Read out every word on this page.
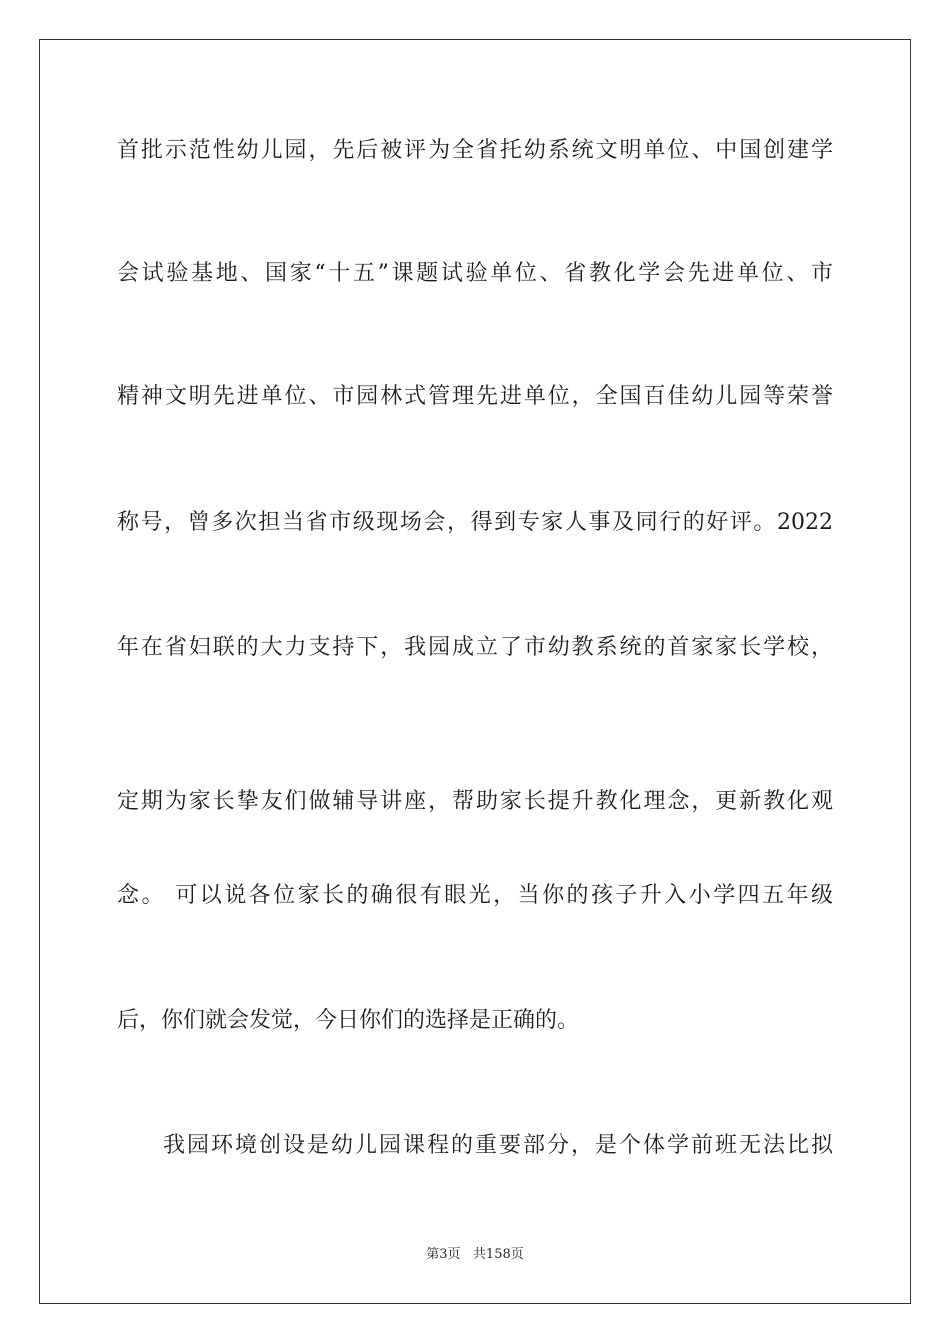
首批示范性幼儿园，先后被评为全省托幼系统文明单位、中国创建学
会试验基地、国家“十五”课题试验单位、省教化学会先进单位、市
精神文明先进单位、市园林式管理先进单位，全国百佳幼儿园等荣誉
称号，曾多次担当省市级现场会，得到专家人事及同行的好评。2022
年在省妇联的大力支持下，我园成立了市幼教系统的首家家长学校，
定期为家长挚友们做辅导讲座，帮助家长提升教化理念，更新教化观
念。 可以说各位家长的确很有眼光，当你的孩子升入小学四五年级
后，你们就会发觉，今日你们的选择是正确的。
我园环境创设是幼儿园课程的重要部分，是个体学前班无法比拟
第3页   共158页
